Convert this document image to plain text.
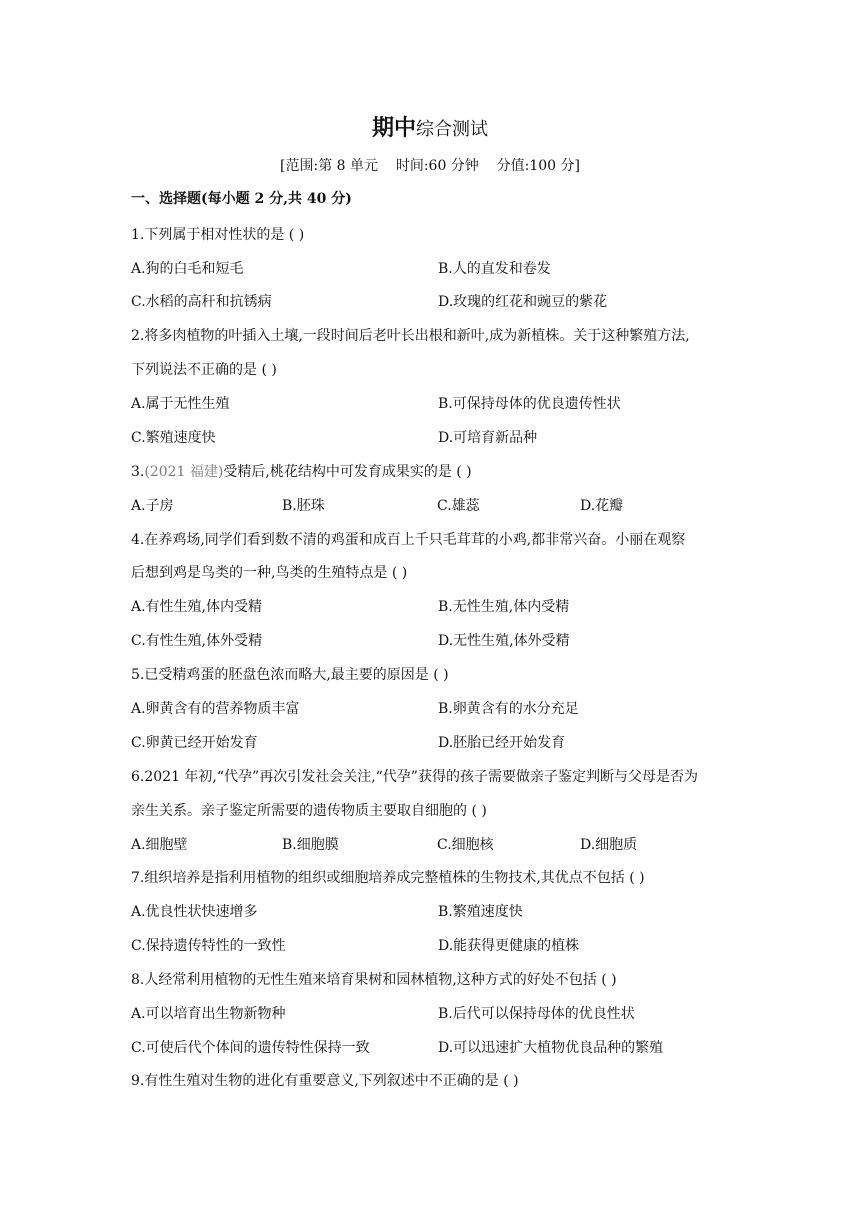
期中综合测试
[范围:第 8 单元    时间:60 分钟    分值:100 分]
一、选择题(每小题 2 分,共 40 分)
1.下列属于相对性状的是 ( )
A.狗的白毛和短毛	B.人的直发和卷发
C.水稻的高秆和抗锈病	D.玫瑰的红花和豌豆的紫花
2.将多肉植物的叶插入土壤,一段时间后老叶长出根和新叶,成为新植株。关于这种繁殖方法,
下列说法不正确的是 ( )
A.属于无性生殖	B.可保持母体的优良遗传性状
C.繁殖速度快	D.可培育新品种
3.(2021 福建)受精后,桃花结构中可发育成果实的是 ( )
A.子房	B.胚珠	C.雄蕊	D.花瓣
4.在养鸡场,同学们看到数不清的鸡蛋和成百上千只毛茸茸的小鸡,都非常兴奋。小丽在观察
后想到鸡是鸟类的一种,鸟类的生殖特点是 ( )
A.有性生殖,体内受精	B.无性生殖,体内受精
C.有性生殖,体外受精	D.无性生殖,体外受精
5.已受精鸡蛋的胚盘色浓而略大,最主要的原因是 ( )
A.卵黄含有的营养物质丰富	B.卵黄含有的水分充足
C.卵黄已经开始发育	D.胚胎已经开始发育
6.2021 年初,“代孕”再次引发社会关注,“代孕”获得的孩子需要做亲子鉴定判断与父母是否为
亲生关系。亲子鉴定所需要的遗传物质主要取自细胞的 ( )
A.细胞壁	B.细胞膜	C.细胞核	D.细胞质
7.组织培养是指利用植物的组织或细胞培养成完整植株的生物技术,其优点不包括 ( )
A.优良性状快速增多	B.繁殖速度快
C.保持遗传特性的一致性	D.能获得更健康的植株
8.人经常利用植物的无性生殖来培育果树和园林植物,这种方式的好处不包括 ( )
A.可以培育出生物新物种	B.后代可以保持母体的优良性状
C.可使后代个体间的遗传特性保持一致	D.可以迅速扩大植物优良品种的繁殖
9.有性生殖对生物的进化有重要意义,下列叙述中不正确的是 ( )
